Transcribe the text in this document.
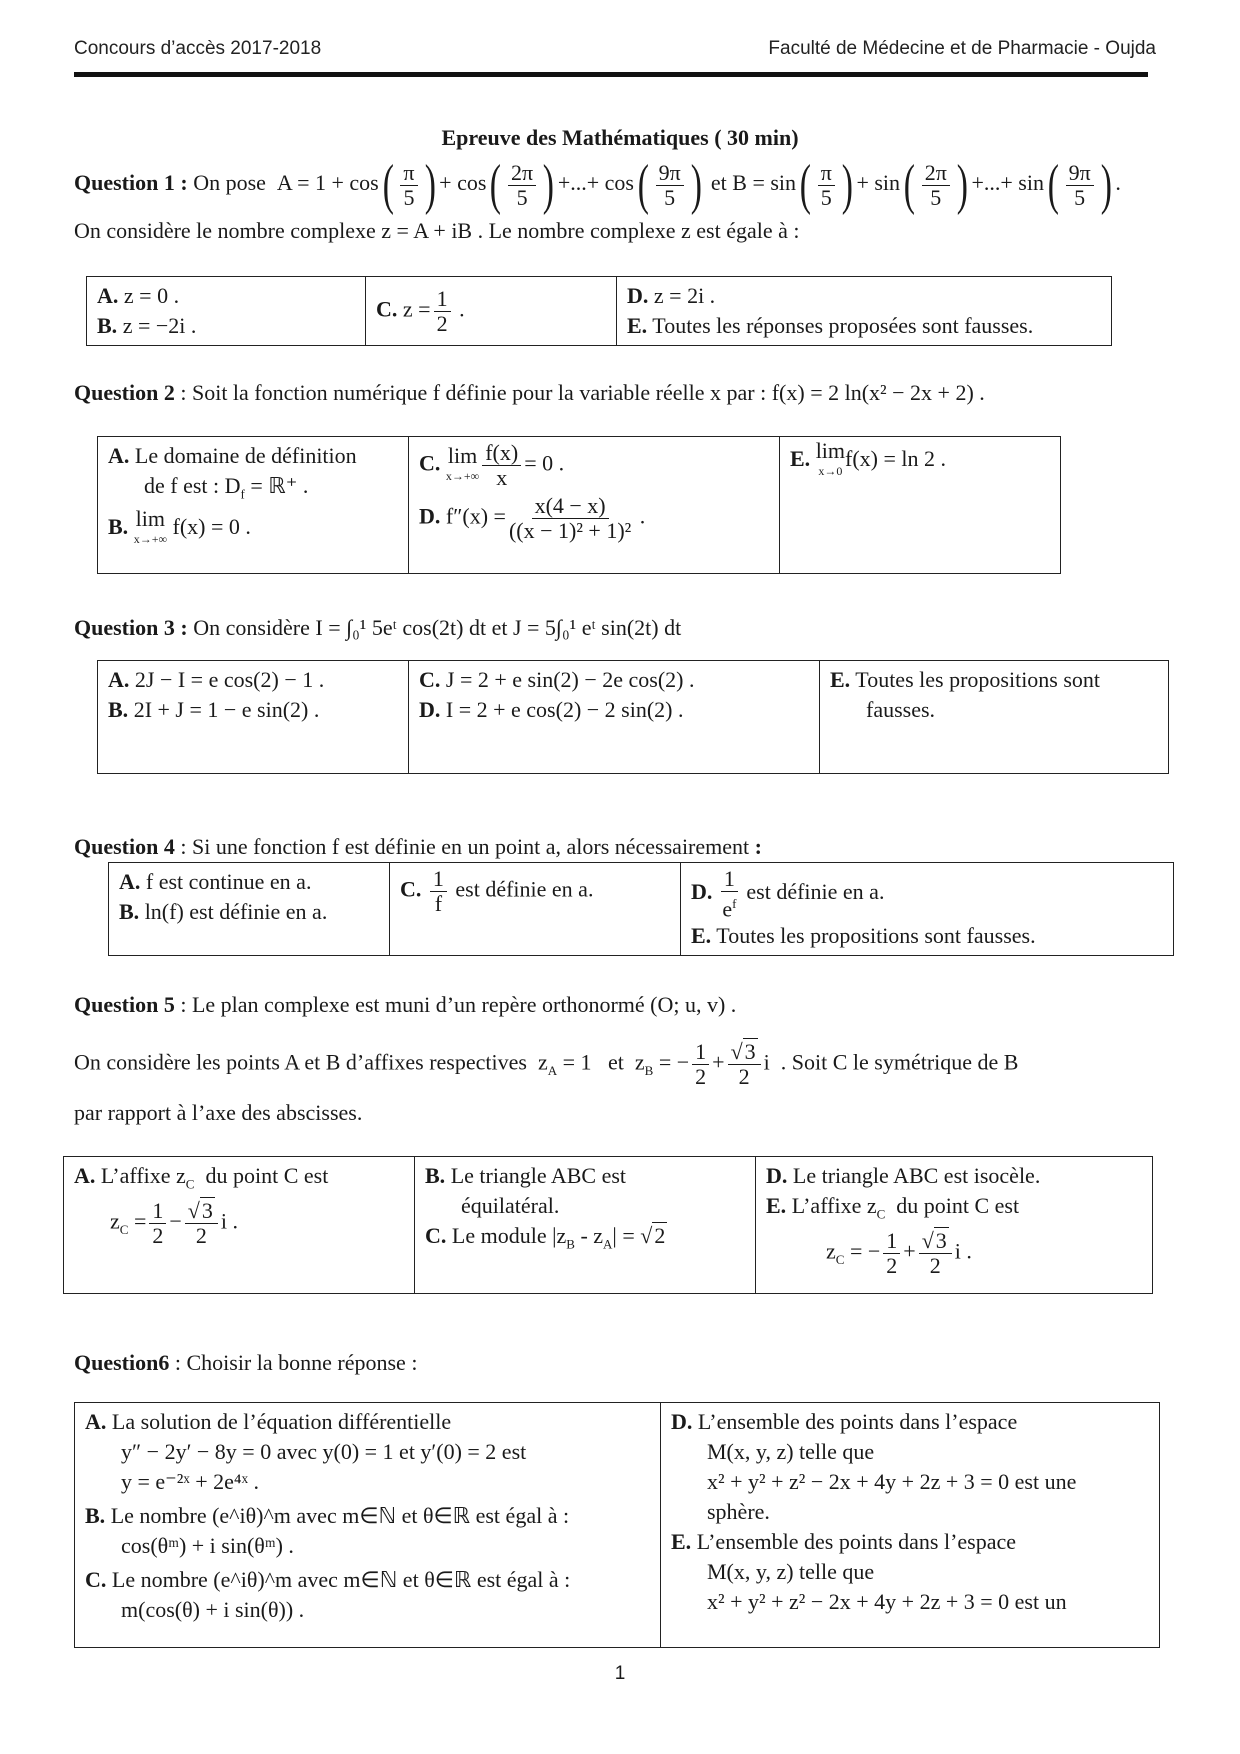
Concours d’accès 2017-2018	Faculté de Médecine et de Pharmacie - Oujda
Epreuve des Mathématiques ( 30 min)
Question 1 : On pose  A = 1 + cos ( $\frac{\pi}{5}$ ) + cos ( $\frac{2\pi}{5}$ ) +...+ cos ( $\frac{9\pi}{5}$ ) et B = sin ( $\frac{\pi}{5}$ ) + sin ( $\frac{2\pi}{5}$ ) +...+ sin ( $\frac{9\pi}{5}$ ) .
On considère le nombre complexe z = A + iB . Le nombre complexe z est égale à :
A. z = 0 .
B. z = −2i .

C. $z = \frac{1}{2}$ .

D. z = 2i .
E. Toutes les réponses proposées sont fausses.
Question 2 : Soit la fonction numérique f définie pour la variable réelle x par : f(x) = 2 ln(x² − 2x + 2) .
A. Le domaine de définition
de f est : $D_f$ = ℝ⁺ .
B. lim
x→+∞ f(x) = 0 .

C. lim
$x\to+\infty \frac{f(x)}{x} = 0$ .
D. $f''(x) = \frac{x(4 - x)}{\text{((x − 1)² + 1)²}}$ .

E. lim
x→0 f(x) = ln 2 .
Question 3 : On considère I = ∫₀¹ 5eᵗ cos(2t) dt et J = 5∫₀¹ eᵗ sin(2t) dt
A. 2J − I = e cos(2) − 1 .
B. 2I + J = 1 − e sin(2) .

C. J = 2 + e sin(2) − 2e cos(2) .
D. I = 2 + e cos(2) − 2 sin(2) .

E. Toutes les propositions sont
fausses.
Question 4 : Si une fonction f est définie en un point a, alors nécessairement :
A. f est continue en a.
B. ln(f) est définie en a.

C. $\frac{1}{f}$ est définie en a.	D. $\frac{1}{e^f}$ est définie en a.
E. Toutes les propositions sont fausses.
Question 5 : Le plan complexe est muni d’un repère orthonormé (O; u, v) .
On considère les points A et B d’affixes respectives  $z_A = 1$   et  $z_B$ = − $\frac{1}{2} + \frac{√3}{2}$ i  . Soit C le symétrique de B
par rapport à l’axe des abscisses.
A. L’affixe $z_C$ du point C est
$z_C = \frac{1}{2} - \frac{√3}{2}$ i .

B. Le triangle ABC est
équilatéral.
C. Le module $|z_B - z_A| = √2$

D. Le triangle ABC est isocèle.
E. L’affixe $z_C$ du point C est
$z_C$ = − $\frac{1}{2} + \frac{√3}{2}$ i .
Question6 : Choisir la bonne réponse :
A. La solution de l’équation différentielle
y″ − 2y′ − 8y = 0 avec y(0) = 1 et y′(0) = 2 est
y = e⁻²ˣ + 2e⁴ˣ .
B. Le nombre (e^iθ)^m avec m∈ℕ et θ∈ℝ est égal à :
cos(θᵐ) + i sin(θᵐ) .
C. Le nombre (e^iθ)^m avec m∈ℕ et θ∈ℝ est égal à :
m(cos(θ) + i sin(θ)) .

D. L’ensemble des points dans l’espace
M(x, y, z) telle que
x² + y² + z² − 2x + 4y + 2z + 3 = 0 est une
sphère.
E. L’ensemble des points dans l’espace
M(x, y, z) telle que
x² + y² + z² − 2x + 4y + 2z + 3 = 0 est un
1
